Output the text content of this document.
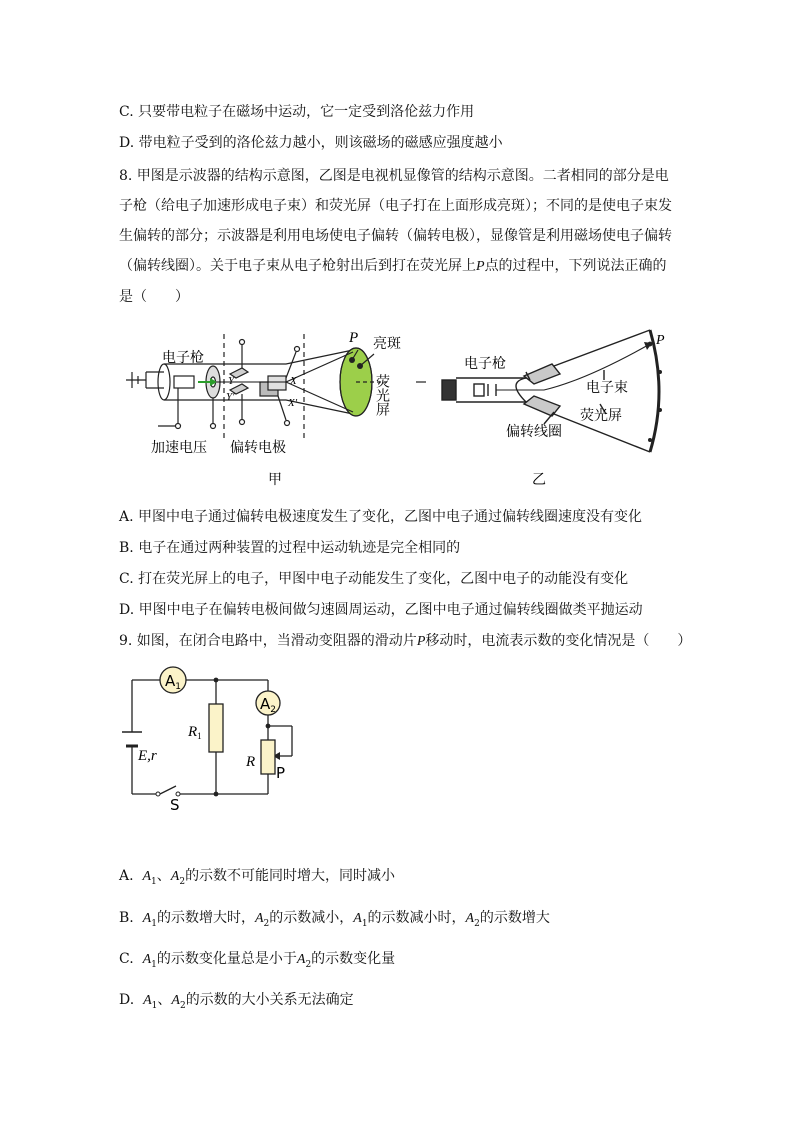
C. 只要带电粒子在磁场中运动，它一定受到洛伦兹力作用
D. 带电粒子受到的洛伦兹力越小，则该磁场的磁感应强度越小
8. 甲图是示波器的结构示意图，乙图是电视机显像管的结构示意图。二者相同的部分是电
子枪（给电子加速形成电子束）和荧光屏（电子打在上面形成亮斑）；不同的是使电子束发
生偏转的部分；示波器是利用电场使电子偏转（偏转电极），显像管是利用磁场使电子偏转
（偏转线圈）。关于电子束从电子枪射出后到打在荧光屏上P点的过程中，下列说法正确的
是（　　）
电子枪
P 亮斑
荧光屏
Y
Y′
X
X′
加速电压 偏转电极
甲
电子枪
电子束
荧光屏
偏转线圈
P
乙
A. 甲图中电子通过偏转电极速度发生了变化，乙图中电子通过偏转线圈速度没有变化
B. 电子在通过两种装置的过程中运动轨迹是完全相同的
C. 打在荧光屏上的电子，甲图中电子动能发生了变化，乙图中电子的动能没有变化
D. 甲图中电子在偏转电极间做匀速圆周运动，乙图中电子通过偏转线圈做类平抛运动
9. 如图，在闭合电路中，当滑动变阻器的滑动片P移动时，电流表示数的变化情况是（　　）
$A_1$
$A_2$
$R_1$
R
P
E,r
S
A. $A_1$、$A_2$的示数不可能同时增大，同时减小
B. $A_1$的示数增大时，$A_2$的示数减小，$A_1$的示数减小时，$A_2$的示数增大
C. $A_1$的示数变化量总是小于$A_2$的示数变化量
D. $A_1$、$A_2$的示数的大小关系无法确定
